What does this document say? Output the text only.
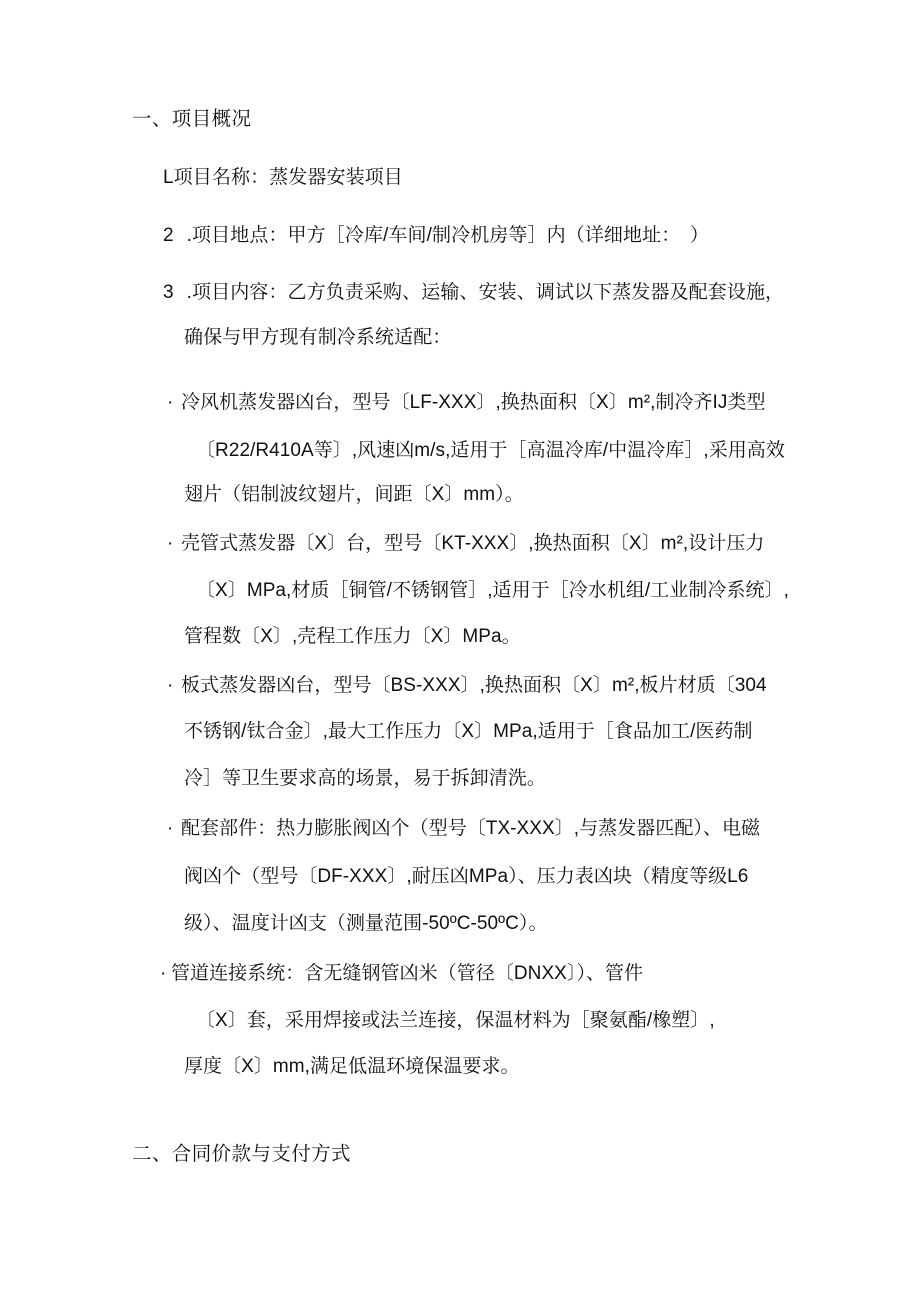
一、项目概况
L项目名称：蒸发器安装项目
2 .项目地点：甲方［冷库/车间/制冷机房等］内（详细地址：　）
3 .项目内容：乙方负责采购、运输、安装、调试以下蒸发器及配套设施，
确保与甲方现有制冷系统适配：
· 冷风机蒸发器凶台，型号〔LF-XXX〕,换热面积〔X〕m²,制冷齐IJ类型
〔R22/R410A等〕,风速凶m/s,适用于［高温冷库/中温冷库］,采用高效
翅片（铝制波纹翅片，间距〔X〕mm）。
· 壳管式蒸发器〔X〕台，型号〔KT-XXX〕,换热面积〔X〕m²,设计压力
〔X〕MPa,材质［铜管/不锈钢管］,适用于［冷水机组/工业制冷系统〕,
管程数〔X〕,壳程工作压力〔X〕MPa。
· 板式蒸发器凶台，型号〔BS-XXX〕,换热面积〔X〕m²,板片材质〔304
不锈钢/钛合金〕,最大工作压力〔X〕MPa,适用于［食品加工/医药制
冷］等卫生要求高的场景，易于拆卸清洗。
· 配套部件：热力膨胀阀凶个（型号〔TX-XXX〕,与蒸发器匹配）、电磁
阀凶个（型号〔DF-XXX〕,耐压凶MPa）、压力表凶块（精度等级L6
级）、温度计凶支（测量范围-50ºC-50ºC）。
· 管道连接系统：含无缝钢管凶米（管径〔DNXX〕）、管件
〔X〕套，采用焊接或法兰连接，保温材料为［聚氨酯/橡塑〕,
厚度〔X〕mm,满足低温环境保温要求。
二、合同价款与支付方式
